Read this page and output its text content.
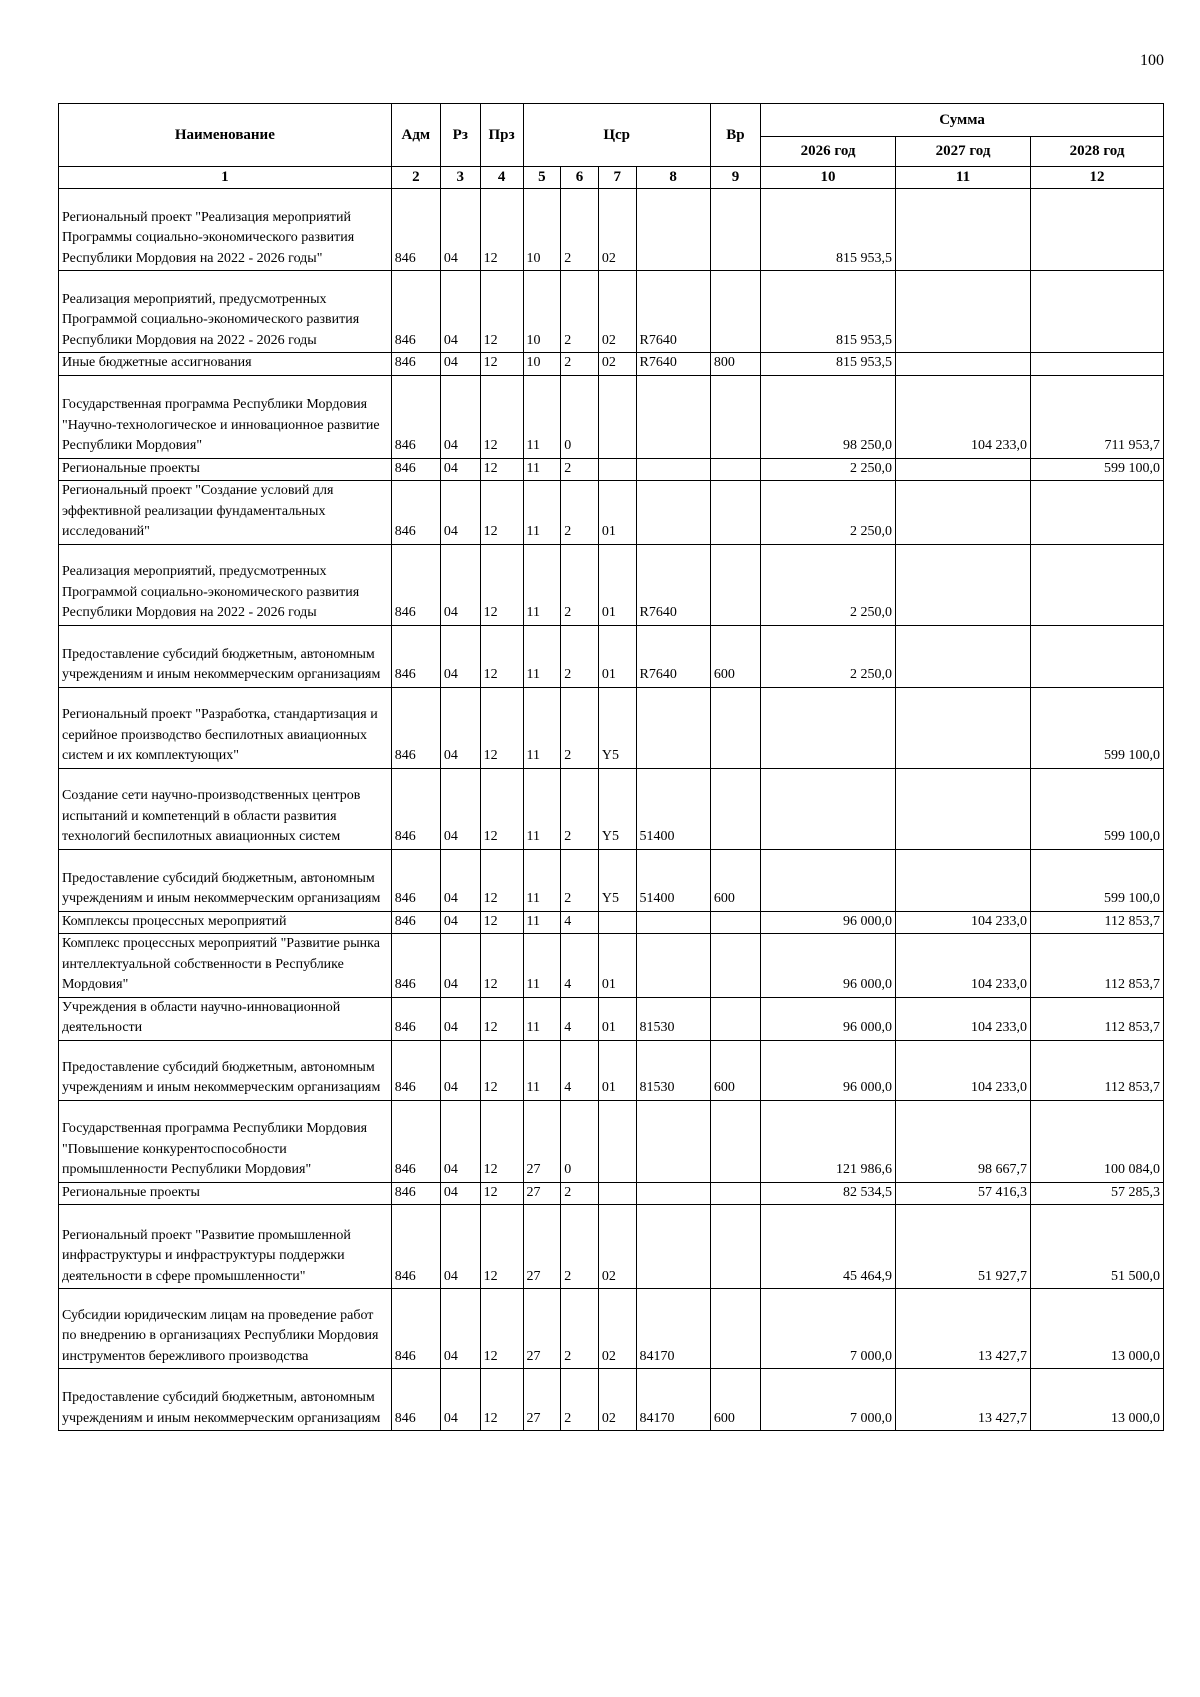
100
Наименование	Адм	Рз	Прз	Цср				Вр	Сумма		
									2026 год	2027 год	2028 год
1	2	3	4	5	6	7	8	9	10	11	12
Региональный проект "Реализация мероприятий Программы социально-экономического развития Республики Мордовия на 2022 - 2026 годы"	846	04	12	10	2	02			815 953,5		
Реализация мероприятий, предусмотренных Программой социально-экономического развития Республики Мордовия на 2022 - 2026 годы	846	04	12	10	2	02	R7640		815 953,5		
Иные бюджетные ассигнования	846	04	12	10	2	02	R7640	800	815 953,5		
Государственная программа Республики Мордовия "Научно-технологическое и инновационное развитие Республики Мордовия"	846	04	12	11	0				98 250,0	104 233,0	711 953,7
Региональные проекты	846	04	12	11	2				2 250,0		599 100,0
Региональный проект "Создание условий для эффективной реализации фундаментальных исследований"	846	04	12	11	2	01			2 250,0		
Реализация мероприятий, предусмотренных Программой социально-экономического развития Республики Мордовия на 2022 - 2026 годы	846	04	12	11	2	01	R7640		2 250,0		
Предоставление субсидий бюджетным, автономным учреждениям и иным некоммерческим организациям	846	04	12	11	2	01	R7640	600	2 250,0		
Региональный проект "Разработка, стандартизация и серийное производство беспилотных авиационных систем и их комплектующих"	846	04	12	11	2	Y5					599 100,0
Создание сети научно-производственных центров испытаний и компетенций в области развития технологий беспилотных авиационных систем	846	04	12	11	2	Y5	51400				599 100,0
Предоставление субсидий бюджетным, автономным учреждениям и иным некоммерческим организациям	846	04	12	11	2	Y5	51400	600			599 100,0
Комплексы процессных мероприятий	846	04	12	11	4				96 000,0	104 233,0	112 853,7
Комплекс процессных мероприятий "Развитие рынка интеллектуальной собственности в Республике Мордовия"	846	04	12	11	4	01			96 000,0	104 233,0	112 853,7
Учреждения в области научно-инновационной деятельности	846	04	12	11	4	01	81530		96 000,0	104 233,0	112 853,7
Предоставление субсидий бюджетным, автономным учреждениям и иным некоммерческим организациям	846	04	12	11	4	01	81530	600	96 000,0	104 233,0	112 853,7
Государственная программа Республики Мордовия "Повышение конкурентоспособности промышленности Республики Мордовия"	846	04	12	27	0				121 986,6	98 667,7	100 084,0
Региональные проекты	846	04	12	27	2				82 534,5	57 416,3	57 285,3
Региональный проект "Развитие промышленной инфраструктуры и инфраструктуры поддержки деятельности в сфере промышленности"	846	04	12	27	2	02			45 464,9	51 927,7	51 500,0
Субсидии юридическим лицам на проведение работ по внедрению в организациях Республики Мордовия инструментов бережливого производства	846	04	12	27	2	02	84170		7 000,0	13 427,7	13 000,0
Предоставление субсидий бюджетным, автономным учреждениям и иным некоммерческим организациям	846	04	12	27	2	02	84170	600	7 000,0	13 427,7	13 000,0
